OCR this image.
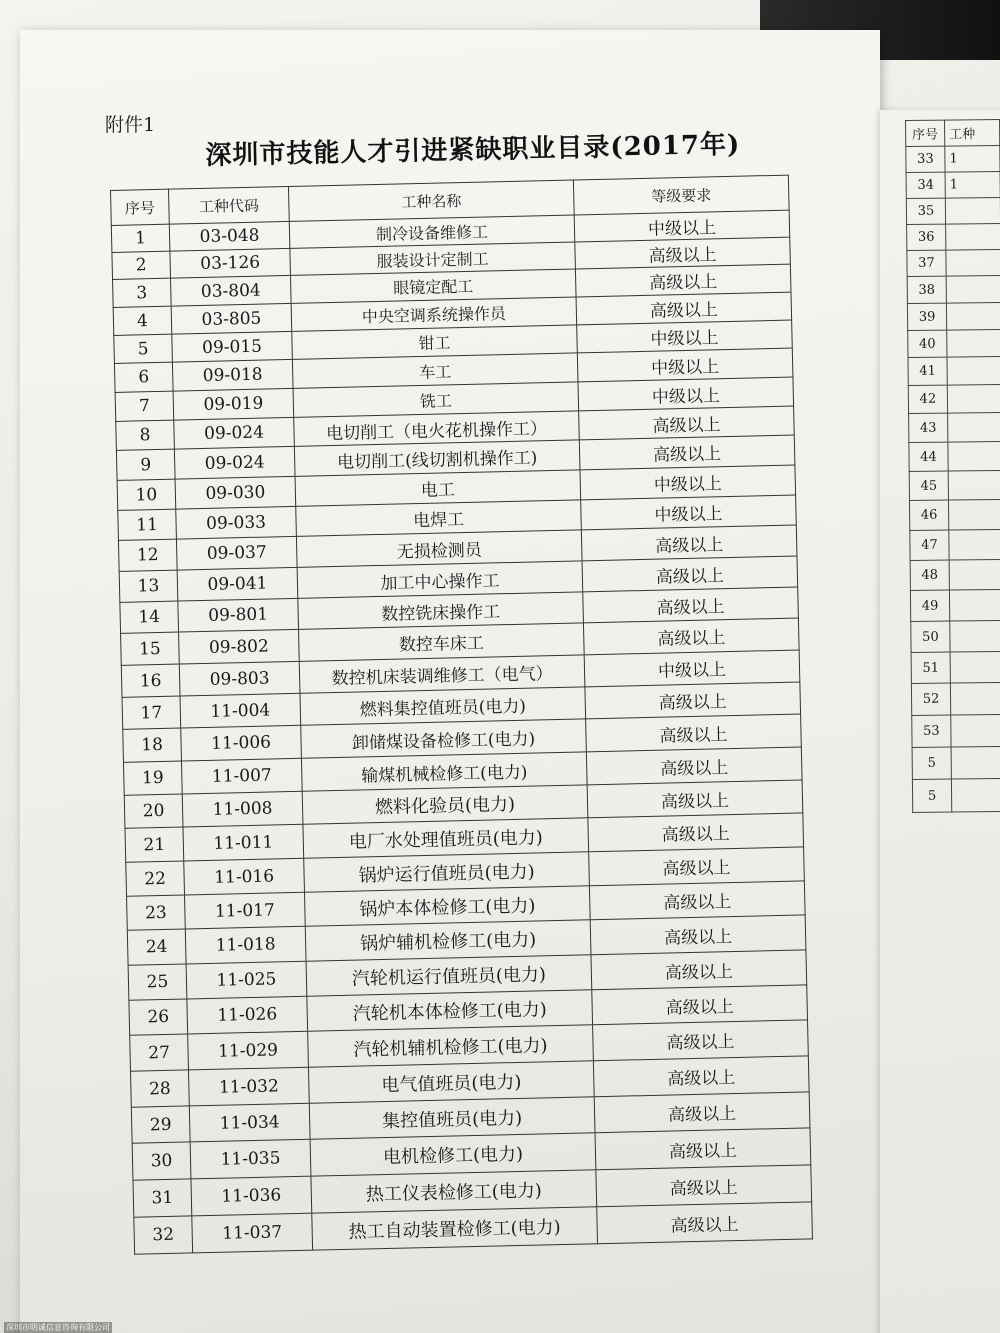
附件1
深圳市技能人才引进紧缺职业目录(2017年)
序号	工种代码	工种名称	等级要求
1	03-048	制冷设备维修工	中级以上
2	03-126	服装设计定制工	高级以上
3	03-804	眼镜定配工	高级以上
4	03-805	中央空调系统操作员	高级以上
5	09-015	钳工	中级以上
6	09-018	车工	中级以上
7	09-019	铣工	中级以上
8	09-024	电切削工（电火花机操作工）	高级以上
9	09-024	电切削工(线切割机操作工)	高级以上
10	09-030	电工	中级以上
11	09-033	电焊工	中级以上
12	09-037	无损检测员	高级以上
13	09-041	加工中心操作工	高级以上
14	09-801	数控铣床操作工	高级以上
15	09-802	数控车床工	高级以上
16	09-803	数控机床装调维修工（电气）	中级以上
17	11-004	燃料集控值班员(电力)	高级以上
18	11-006	卸储煤设备检修工(电力)	高级以上
19	11-007	输煤机械检修工(电力)	高级以上
20	11-008	燃料化验员(电力)	高级以上
21	11-011	电厂水处理值班员(电力)	高级以上
22	11-016	锅炉运行值班员(电力)	高级以上
23	11-017	锅炉本体检修工(电力)	高级以上
24	11-018	锅炉辅机检修工(电力)	高级以上
25	11-025	汽轮机运行值班员(电力)	高级以上
26	11-026	汽轮机本体检修工(电力)	高级以上
27	11-029	汽轮机辅机检修工(电力)	高级以上
28	11-032	电气值班员(电力)	高级以上
29	11-034	集控值班员(电力)	高级以上
30	11-035	电机检修工(电力)	高级以上
31	11-036	热工仪表检修工(电力)	高级以上
32	11-037	热工自动装置检修工(电力)	高级以上
序号	工种
33	1
34	1
35	
36	
37	
38	
39	
40	
41	
42	
43	
44	
45	
46	
47	
48	
49	
50	
51	
52	
53	
5	
5	
深圳市明诚信息咨询有限公司
